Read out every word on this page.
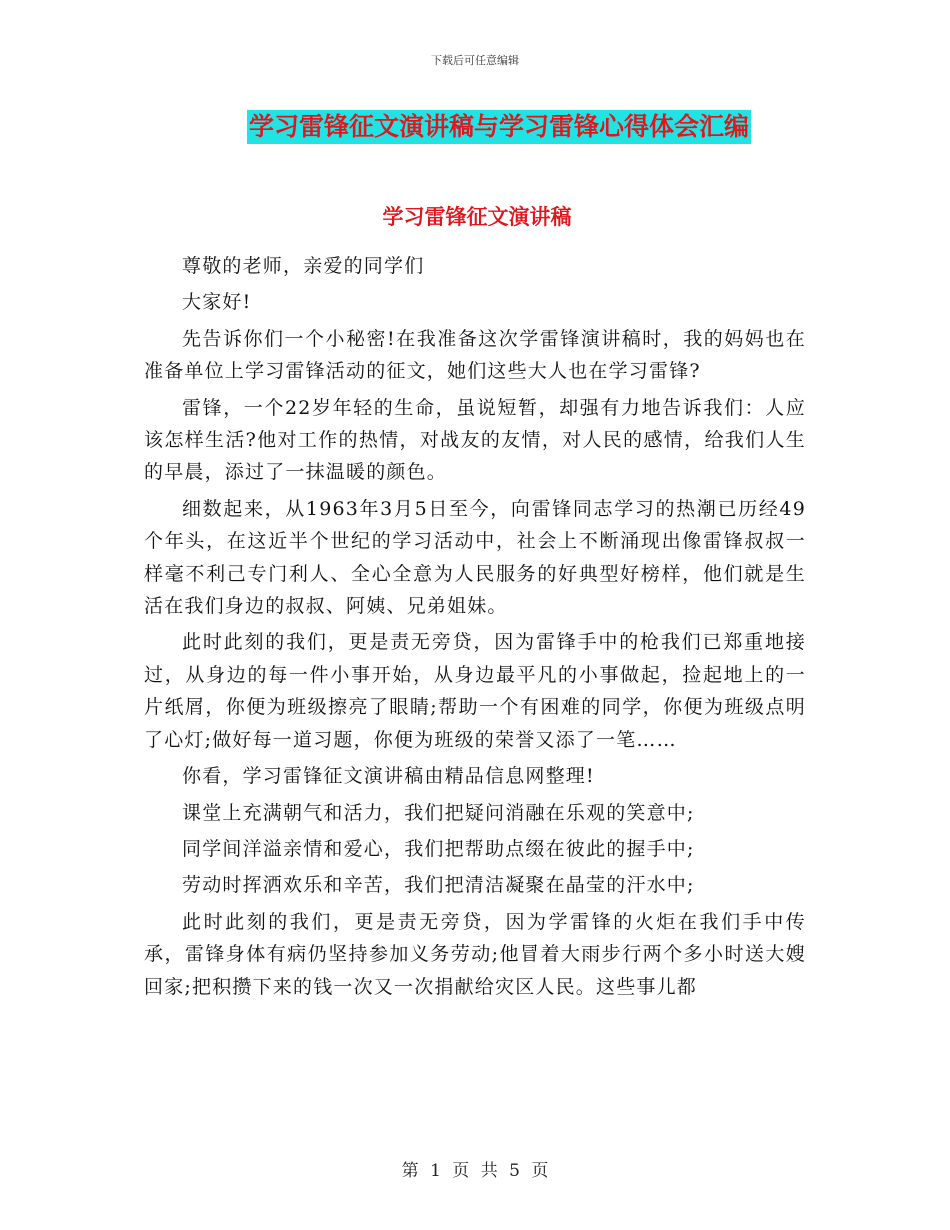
下载后可任意编辑
学习雷锋征文演讲稿与学习雷锋心得体会汇编
学习雷锋征文演讲稿

尊敬的老师，亲爱的同学们

大家好!

先告诉你们一个小秘密!在我准备这次学雷锋演讲稿时，我的妈妈也在准备单位上学习雷锋活动的征文，她们这些大人也在学习雷锋?

雷锋，一个22岁年轻的生命，虽说短暂，却强有力地告诉我们：人应该怎样生活?他对工作的热情，对战友的友情，对人民的感情，给我们人生的早晨，添过了一抹温暖的颜色。

细数起来，从1963年3月5日至今，向雷锋同志学习的热潮已历经49个年头，在这近半个世纪的学习活动中，社会上不断涌现出像雷锋叔叔一样毫不利己专门利人、全心全意为人民服务的好典型好榜样，他们就是生活在我们身边的叔叔、阿姨、兄弟姐妹。

此时此刻的我们，更是责无旁贷，因为雷锋手中的枪我们已郑重地接过，从身边的每一件小事开始，从身边最平凡的小事做起，捡起地上的一片纸屑，你便为班级擦亮了眼睛;帮助一个有困难的同学，你便为班级点明了心灯;做好每一道习题，你便为班级的荣誉又添了一笔……

你看，学习雷锋征文演讲稿由精品信息网整理!

课堂上充满朝气和活力，我们把疑问消融在乐观的笑意中;

同学间洋溢亲情和爱心，我们把帮助点缀在彼此的握手中;

劳动时挥洒欢乐和辛苦，我们把清洁凝聚在晶莹的汗水中;

此时此刻的我们，更是责无旁贷，因为学雷锋的火炬在我们手中传承，雷锋身体有病仍坚持参加义务劳动;他冒着大雨步行两个多小时送大嫂回家;把积攒下来的钱一次又一次捐献给灾区人民。这些事儿都

第 1 页 共 5 页
